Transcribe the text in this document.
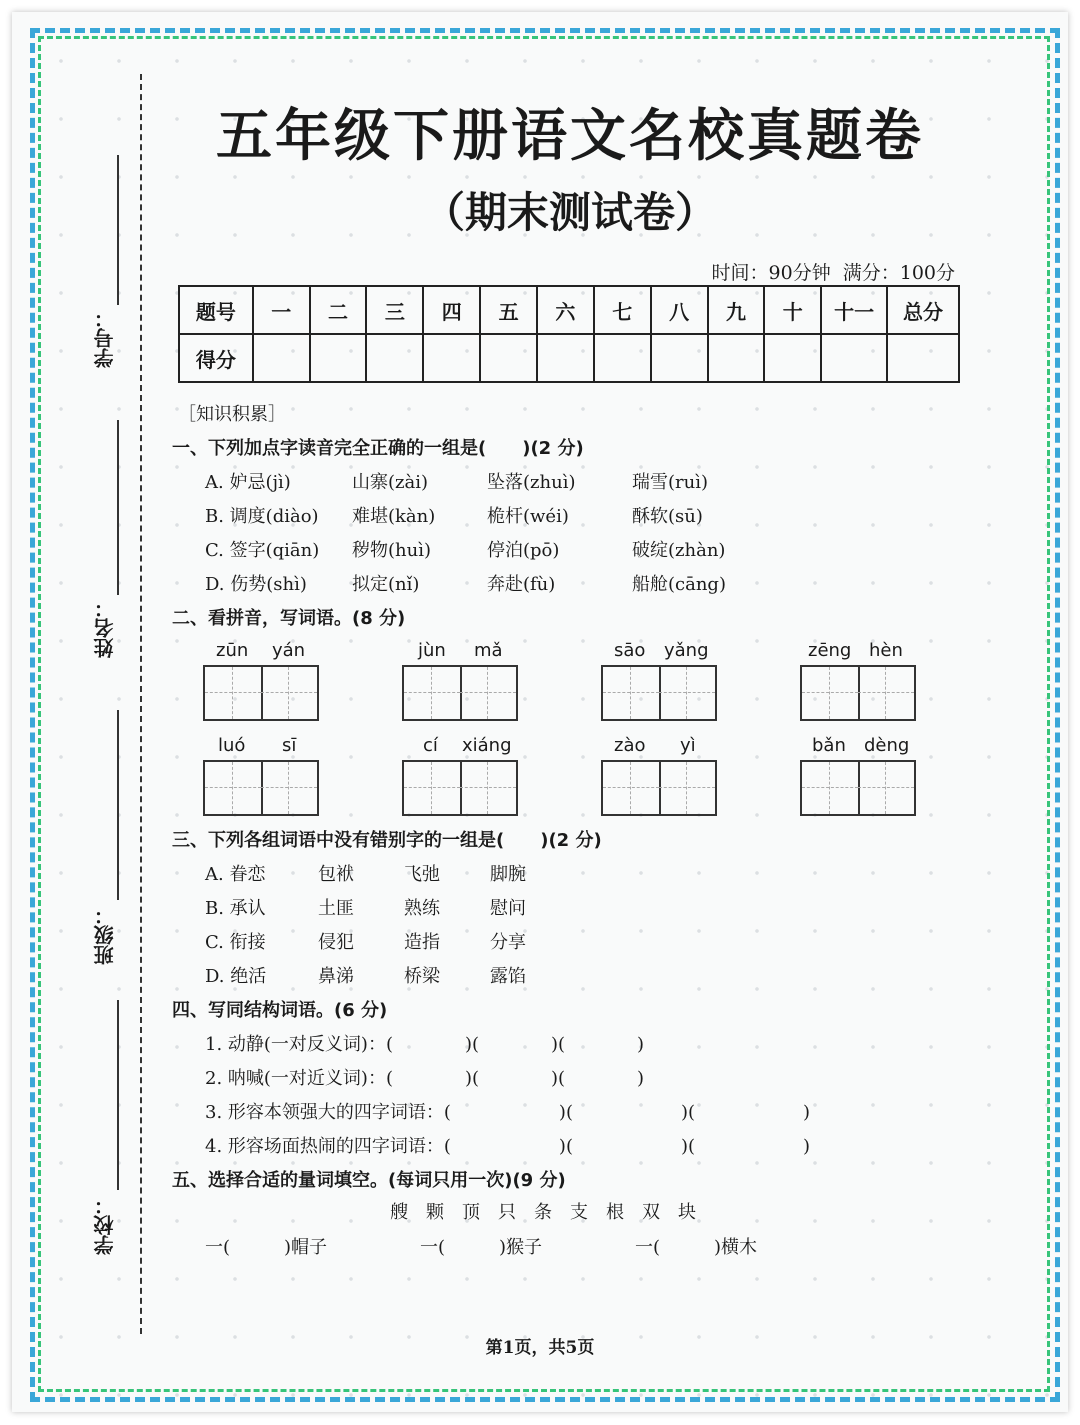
学号：
姓名：
班级：
学校：
五年级下册语文名校真题卷
（期末测试卷）
时间：90分钟 满分：100分
题号	一	二	三	四	五	六	七	八	九	十	十一	总分
得分												
［知识积累］
一、下列加点字读音完全正确的一组是(　　)(2 分)
A. 妒忌(jì)	山寨(zài)	坠落(zhuì)	瑞雪(ruì)
B. 调度(diào) 难堪(kàn)	桅杆(wéi)	酥软(sū)
C. 签字(qiān) 秽物(huì)	停泊(pō)	破绽(zhàn)
D. 伤势(shì)	拟定(nǐ)	奔赴(fù)	船舱(cāng)
二、看拼音，写词语。(8 分)
zūn yán	jùn mǎ	sāo yǎng	zēng hèn
luó sī	cí xiáng	zào yì	bǎn dèng
三、下列各组词语中没有错别字的一组是(　　)(2 分)
A. 眷恋	包袱	飞弛	脚腕
B. 承认	土匪	熟练	慰问
C. 衔接	侵犯	造指	分享
D. 绝活	鼻涕	桥梁	露馅
四、写同结构词语。(6 分)
1. 动静(一对反义词)：(　　　　)(　　　　)(　　　　)
2. 呐喊(一对近义词)：(　　　　)(　　　　)(　　　　)
3. 形容本领强大的四字词语：(　　　　　　)(　　　　　　)(　　　　　　)
4. 形容场面热闹的四字词语：(　　　　　　)(　　　　　　)(　　　　　　)
五、选择合适的量词填空。(每词只用一次)(9 分)
艘　颗　顶　只　条　支　根　双　块
一(　　　)帽子	一(　　　)猴子	一(　　　)横木
第1页，共5页
